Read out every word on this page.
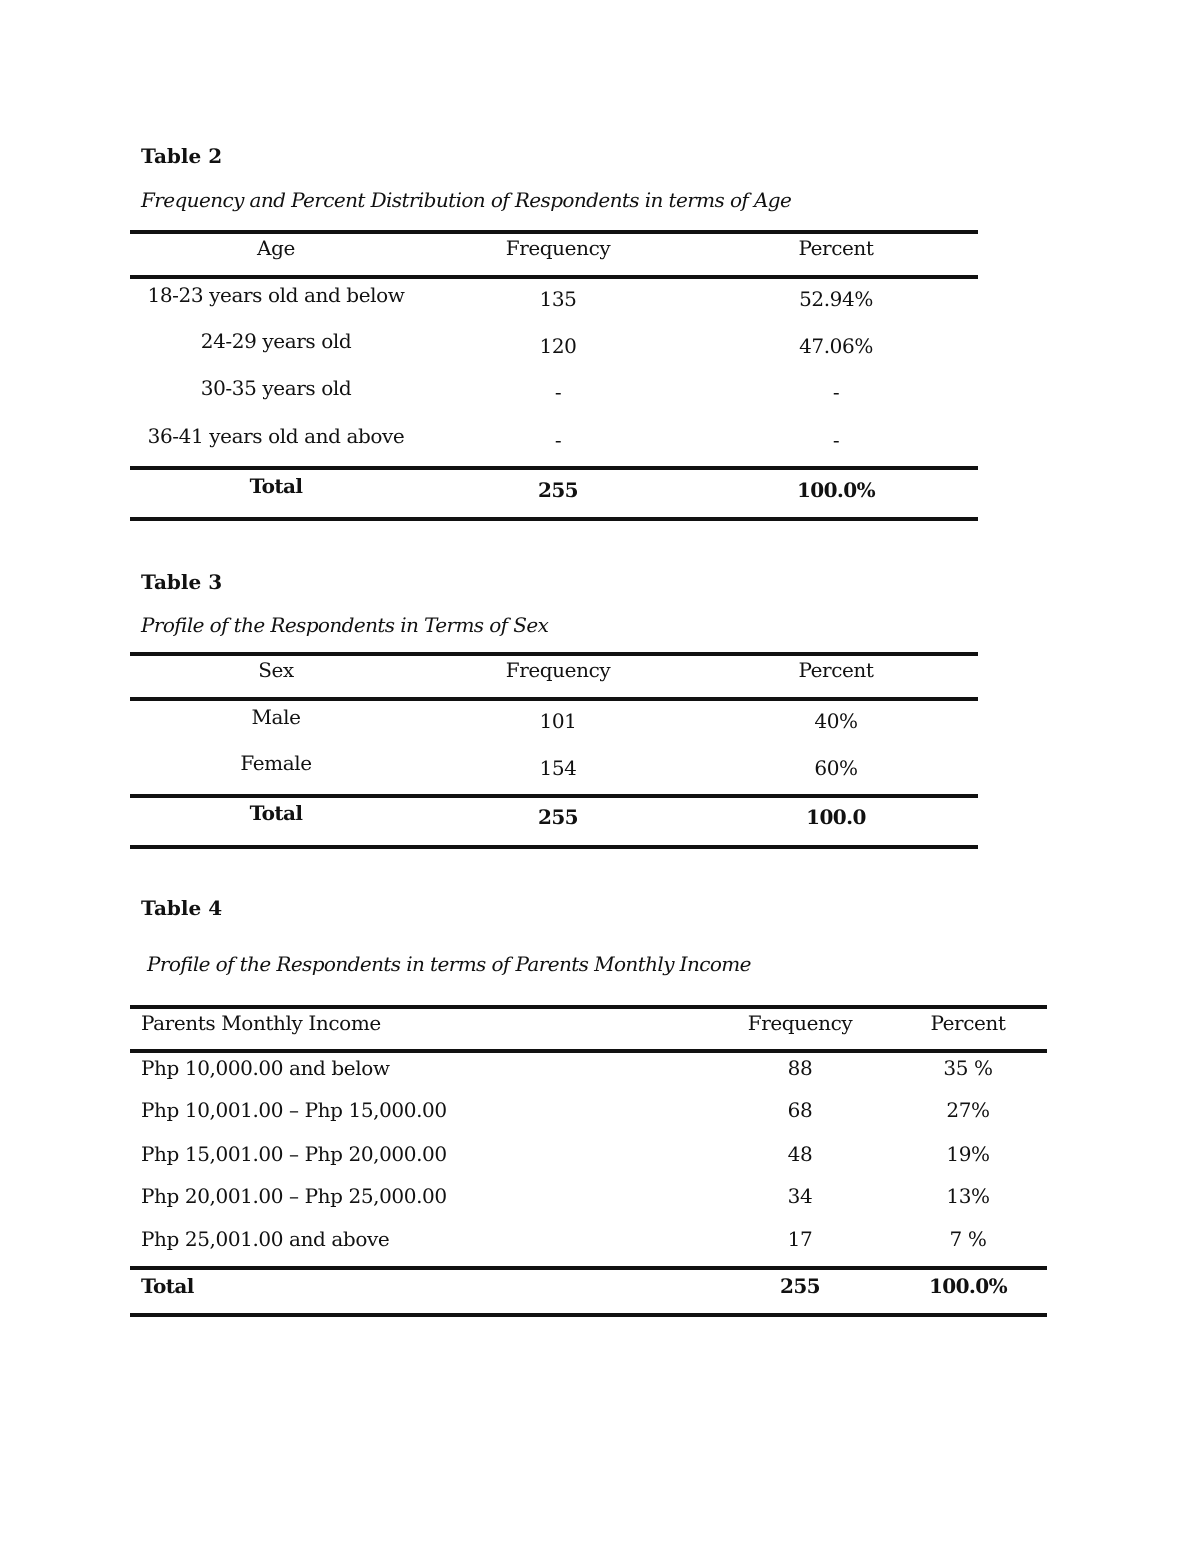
Table 2
Frequency and Percent Distribution of Respondents in terms of Age
Age	Frequency	Percent
18-23 years old and below	135	52.94%
24-29 years old	120	47.06%
30-35 years old	-	-
36-41 years old and above	-	-
Total	255	100.0%
Table 3
Profile of the Respondents in Terms of Sex
Sex	Frequency	Percent
Male	101	40%
Female	154	60%
Total	255	100.0
Table 4
Profile of the Respondents in terms of Parents Monthly Income
Parents Monthly Income	Frequency	Percent
Php 10,000.00 and below	88	35 %
Php 10,001.00 – Php 15,000.00	68	27%
Php 15,001.00 – Php 20,000.00	48	19%
Php 20,001.00 – Php 25,000.00	34	13%
Php 25,001.00 and above	17	7 %
Total	255	100.0%
